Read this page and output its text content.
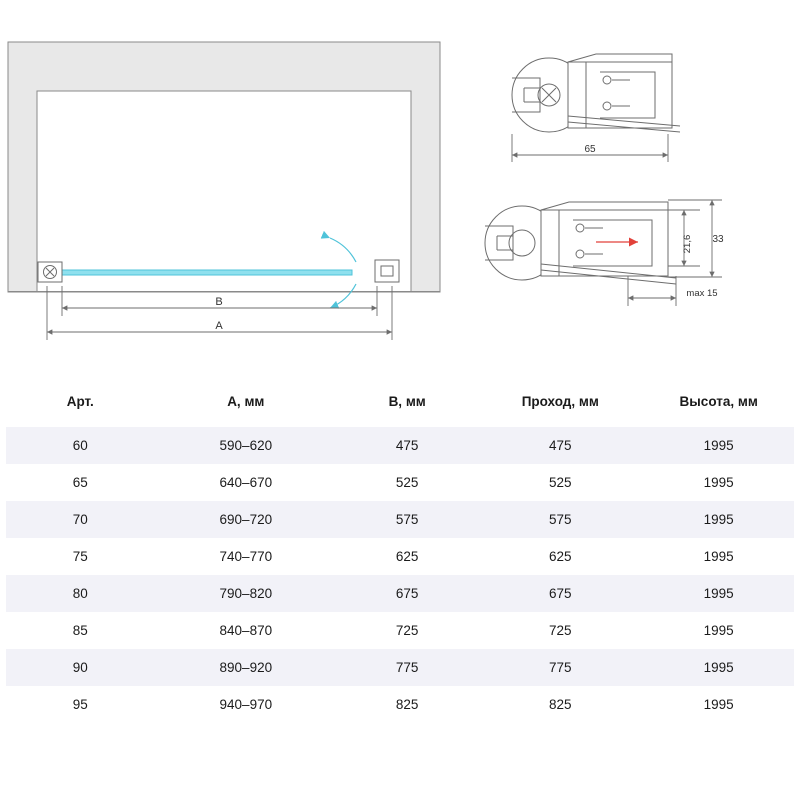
B
A
65
21,6 33
max 15
Арт.	A, мм	B, мм	Проход, мм	Высота, мм
60	590–620	475	475	1995
65	640–670	525	525	1995
70	690–720	575	575	1995
75	740–770	625	625	1995
80	790–820	675	675	1995
85	840–870	725	725	1995
90	890–920	775	775	1995
95	940–970	825	825	1995
